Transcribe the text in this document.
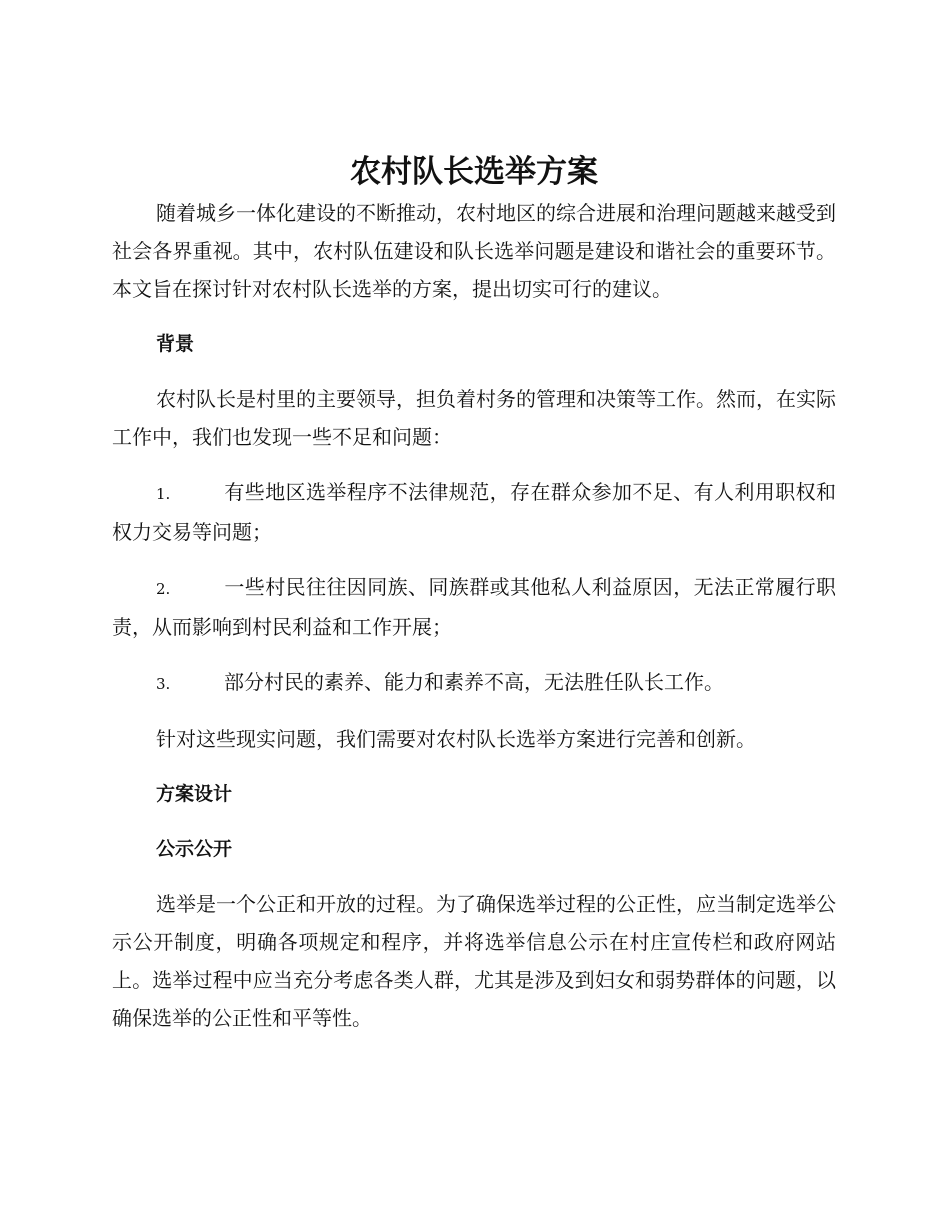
农村队长选举方案

随着城乡一体化建设的不断推动，农村地区的综合进展和治理问题越来越受到社会各界重视。其中，农村队伍建设和队长选举问题是建设和谐社会的重要环节。本文旨在探讨针对农村队长选举的方案，提出切实可行的建议。

背景

农村队长是村里的主要领导，担负着村务的管理和决策等工作。然而，在实际工作中，我们也发现一些不足和问题：

1.	有些地区选举程序不法律规范，存在群众参加不足、有人利用职权和权力交易等问题；

2.	一些村民往往因同族、同族群或其他私人利益原因，无法正常履行职责，从而影响到村民利益和工作开展；

3.	部分村民的素养、能力和素养不高，无法胜任队长工作。

针对这些现实问题，我们需要对农村队长选举方案进行完善和创新。

方案设计

公示公开

选举是一个公正和开放的过程。为了确保选举过程的公正性，应当制定选举公示公开制度，明确各项规定和程序，并将选举信息公示在村庄宣传栏和政府网站上。选举过程中应当充分考虑各类人群，尤其是涉及到妇女和弱势群体的问题，以确保选举的公正性和平等性。
